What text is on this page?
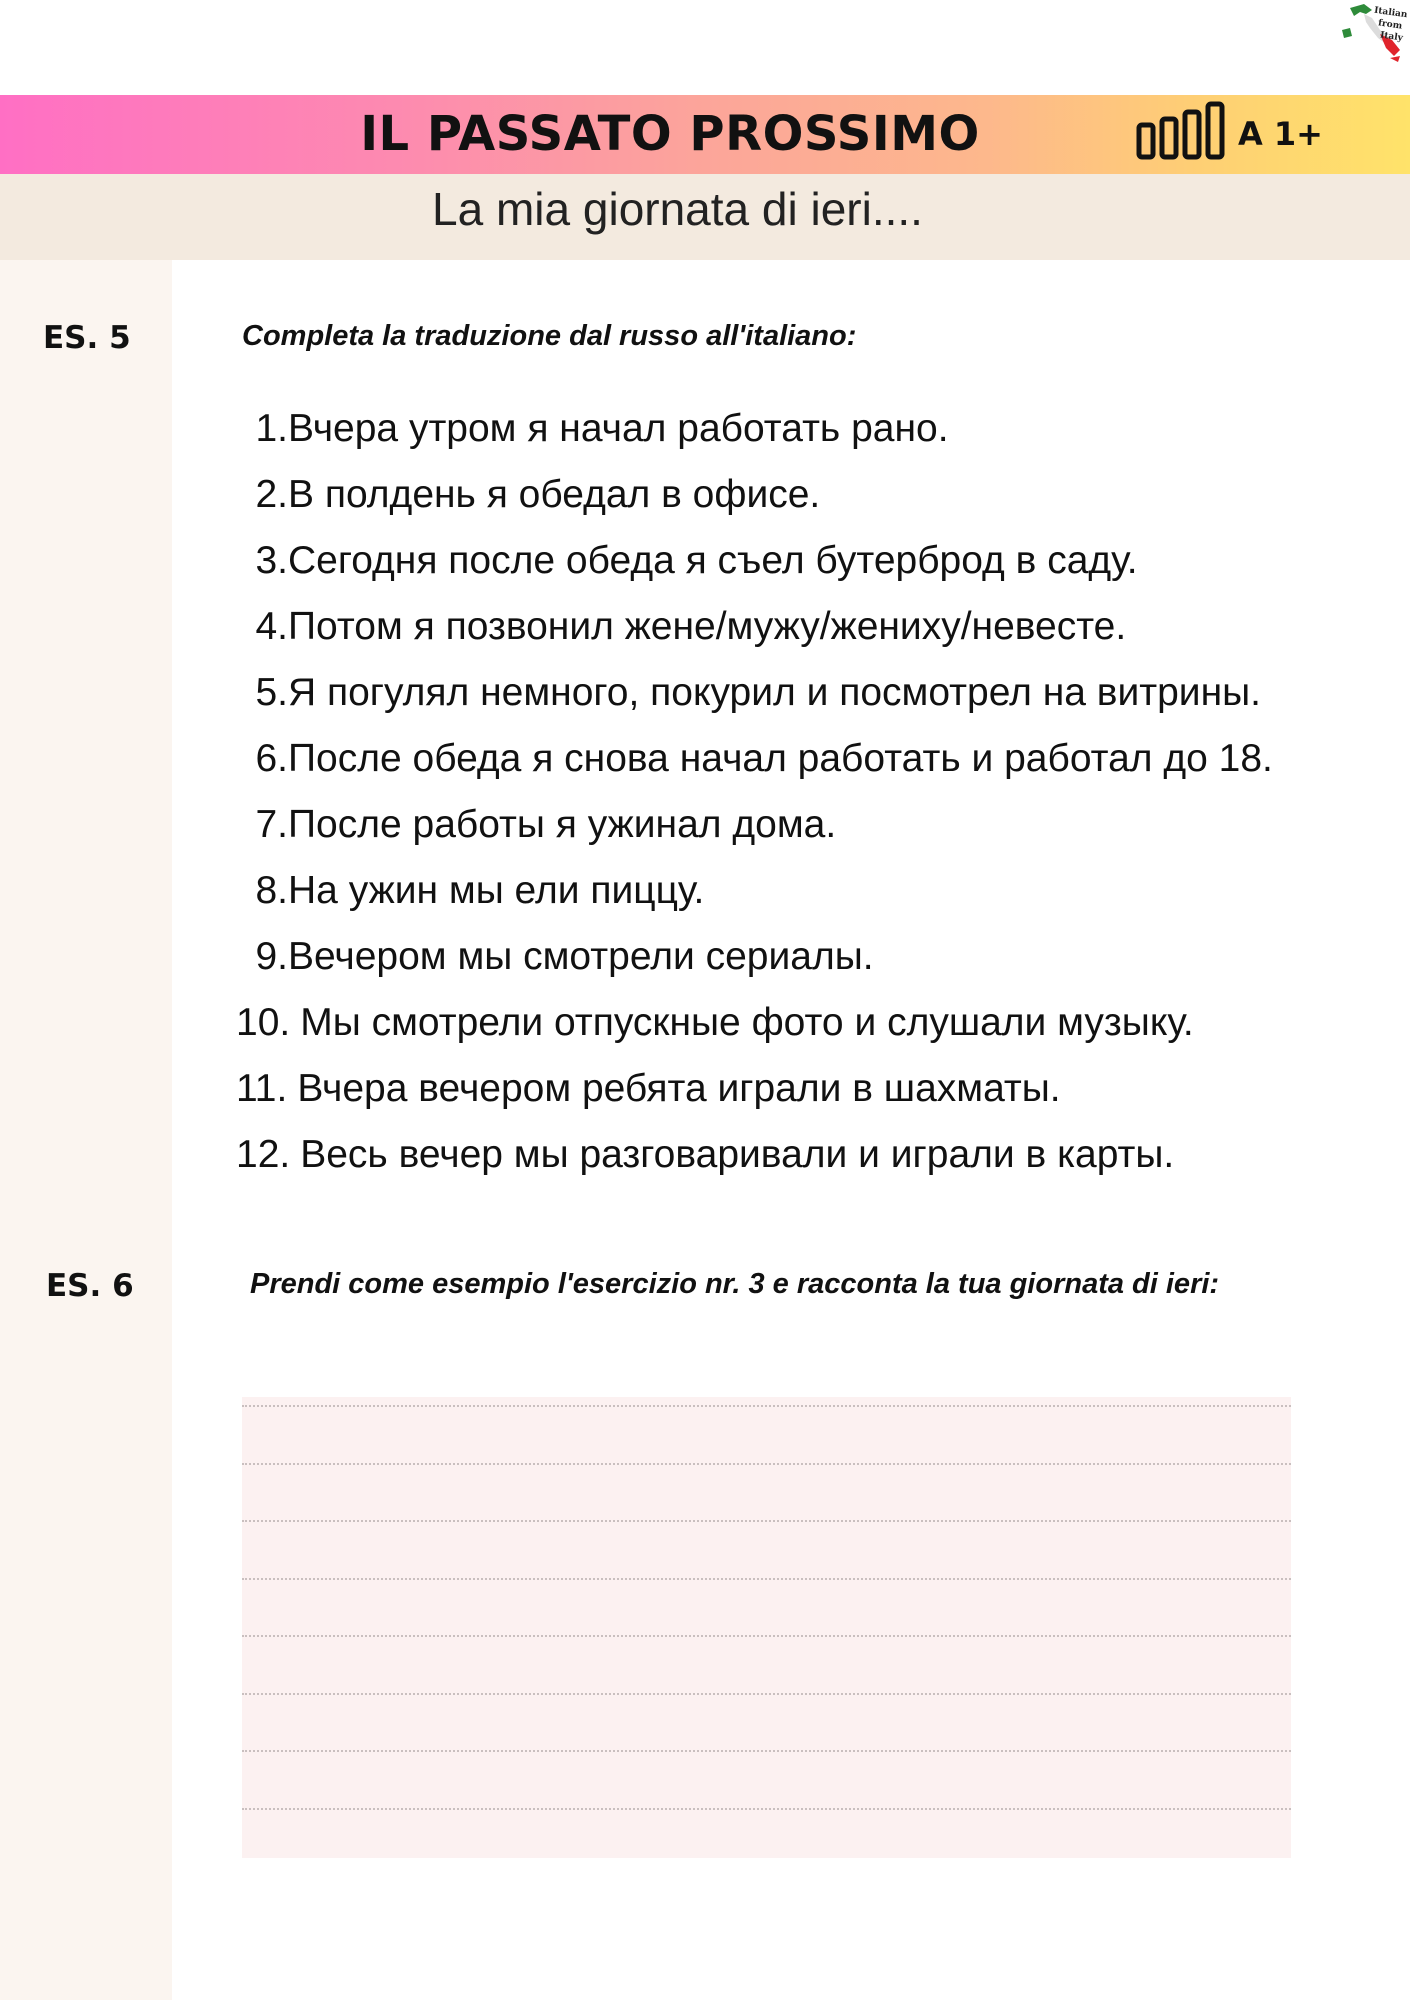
Italian
from
Italy
IL PASSATO PROSSIMO	A 1+
La mia giornata di ieri....
ES. 5	Completa la traduzione dal russo all'italiano:
1.Вчера утром я начал работать рано.
2.В полдень я обедал в офисе.
3.Сегодня после обеда я съел бутерброд в саду.
4.Потом я позвонил жене/мужу/жениху/невесте.
5.Я погулял немного, покурил и посмотрел на витрины.
6.После обеда я снова начал работать и работал до 18.
7.После работы я ужинал дома.
8.На ужин мы ели пиццу.
9.Вечером мы смотрели сериалы.
10. Мы смотрели отпускные фото и слушали музыку.
11. Вчера вечером ребята играли в шахматы.
12. Весь вечер мы разговаривали и играли в карты.
ES. 6	Prendi come esempio l'esercizio nr. 3 e racconta la tua giornata di ieri:
